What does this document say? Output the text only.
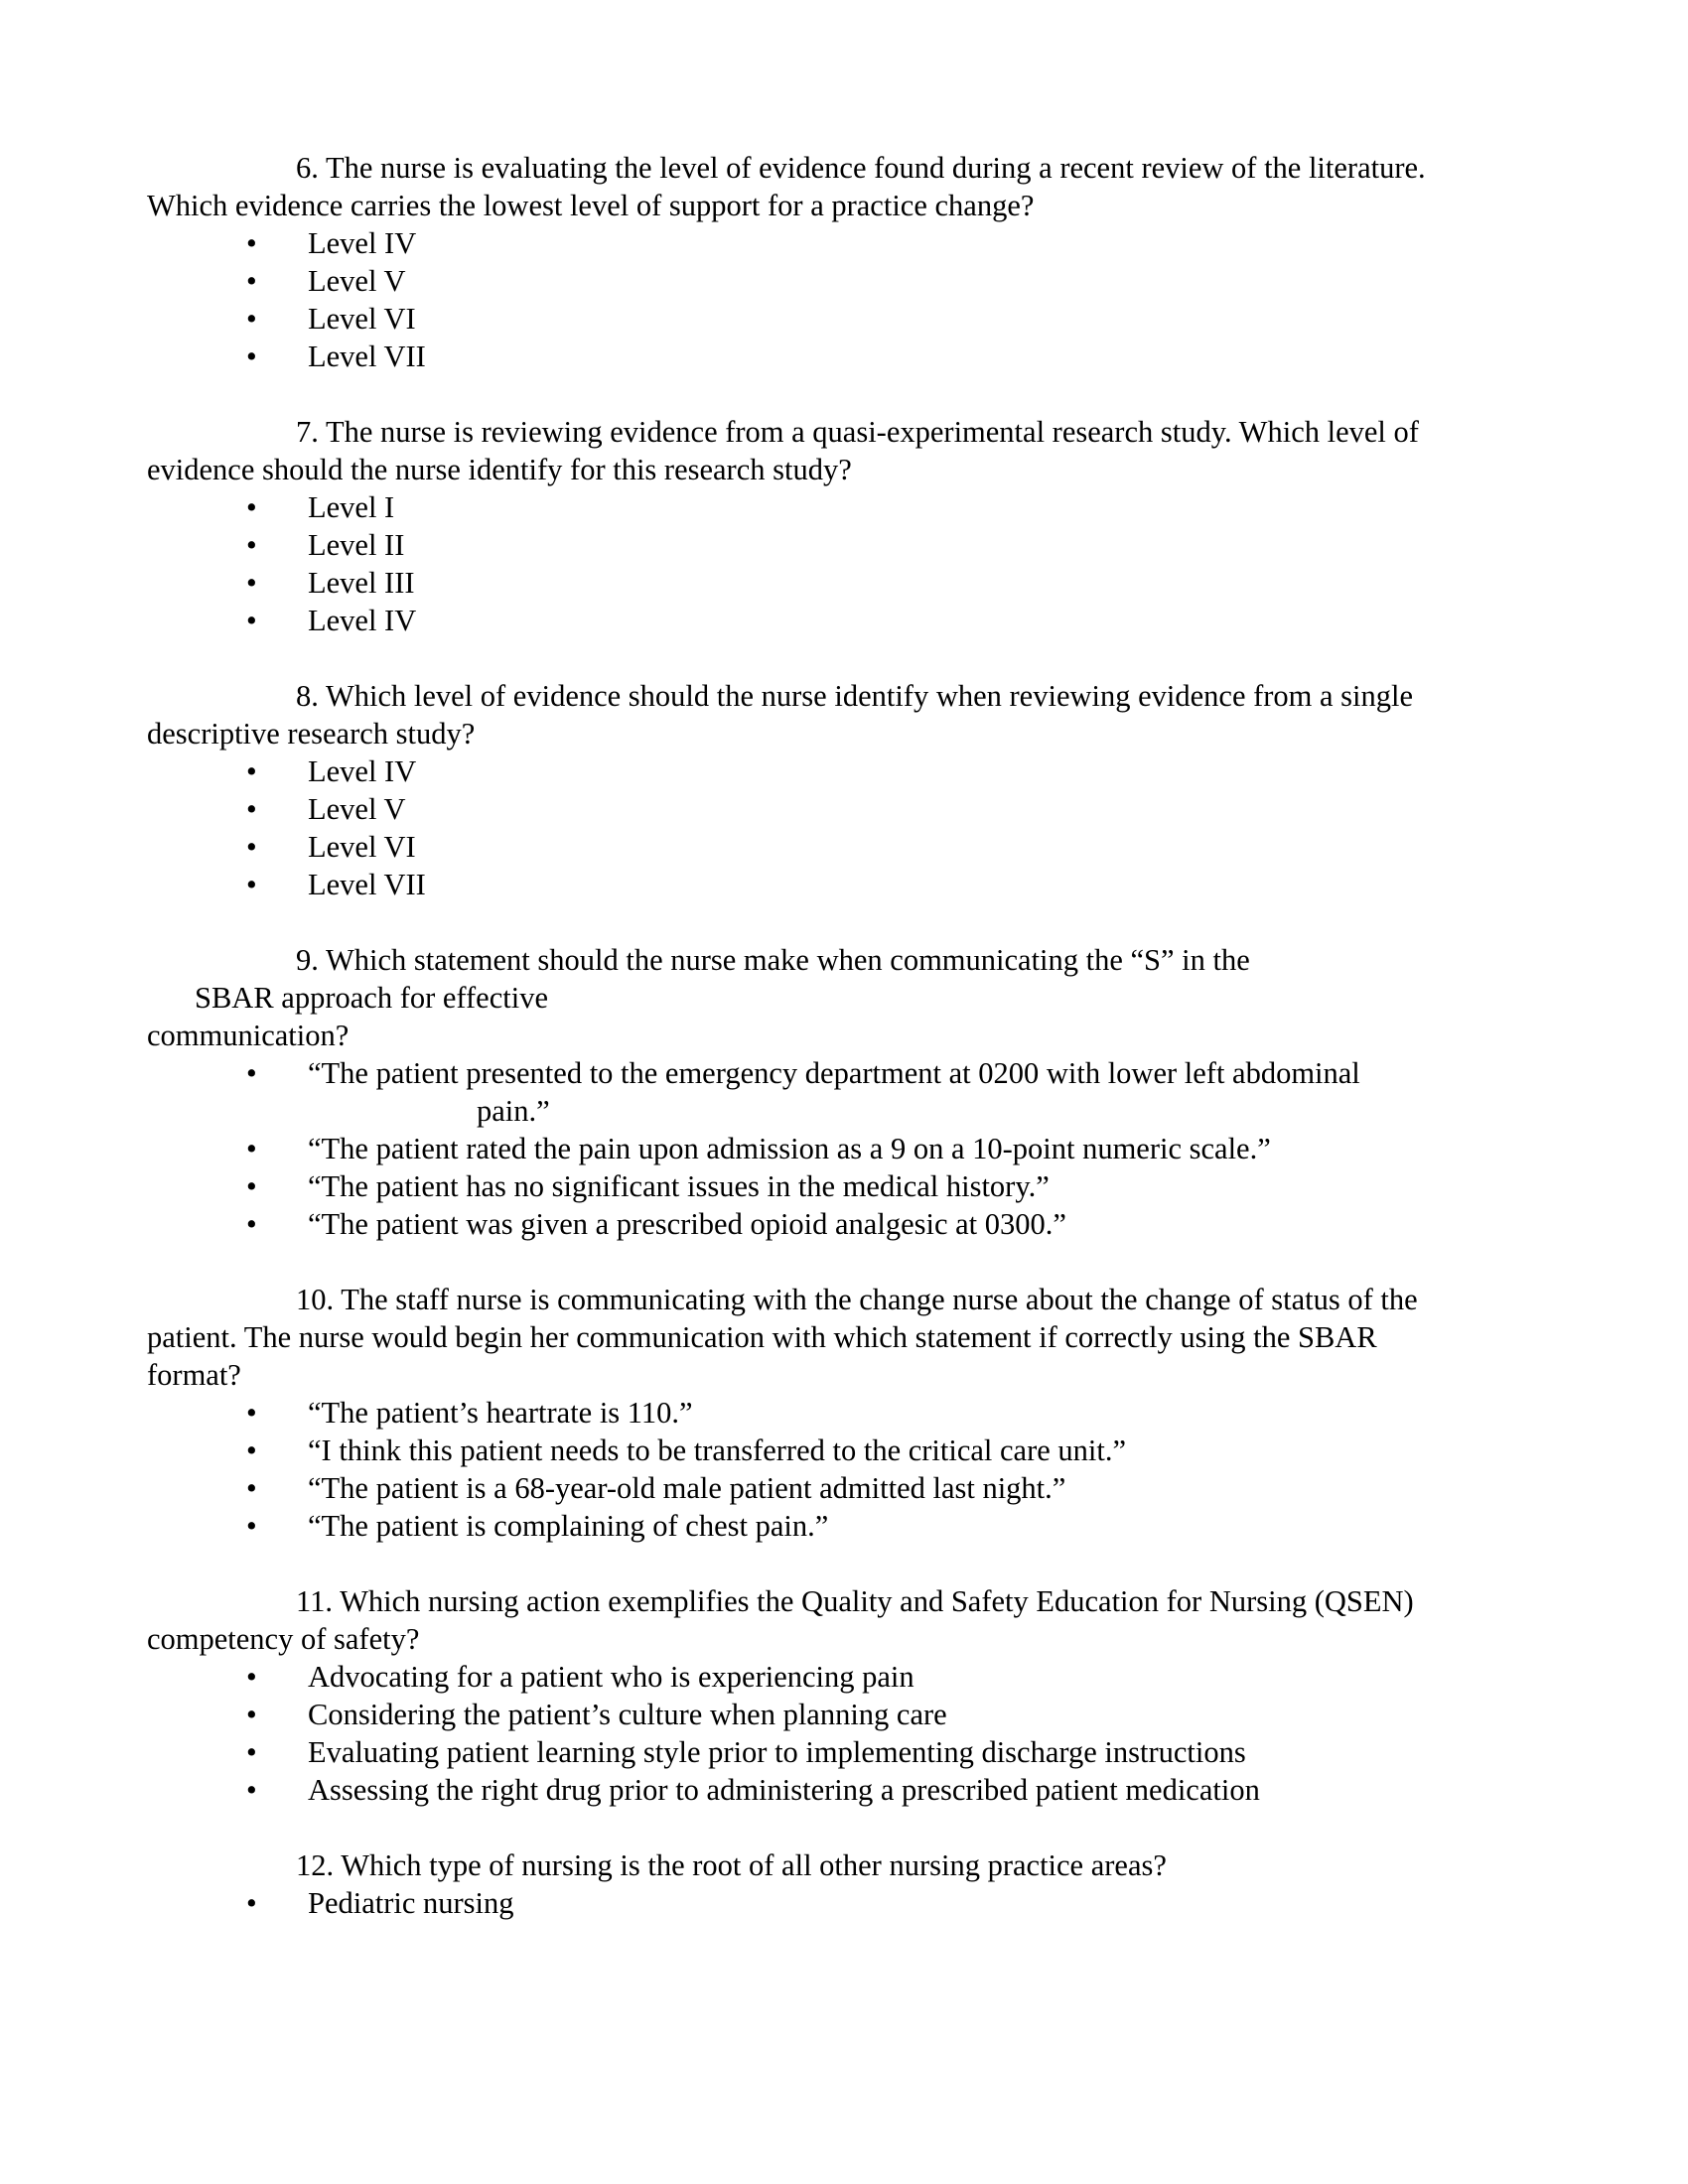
6. The nurse is evaluating the level of evidence found during a recent review of the literature. Which evidence carries the lowest level of support for a practice change?

• Level IV
• Level V
• Level VI
• Level VII

7. The nurse is reviewing evidence from a quasi-experimental research study. Which level of evidence should the nurse identify for this research study?

• Level I
• Level II
• Level III
• Level IV

8. Which level of evidence should the nurse identify when reviewing evidence from a single descriptive research study?

• Level IV
• Level V
• Level VI
• Level VII

9. Which statement should the nurse make when communicating the “S” in the
SBAR approach for effective
communication?

• “The patient presented to the emergency department at 0200 with lower left abdominal
pain.”
• “The patient rated the pain upon admission as a 9 on a 10-point numeric scale.”
• “The patient has no significant issues in the medical history.”
• “The patient was given a prescribed opioid analgesic at 0300.”

10. The staff nurse is communicating with the change nurse about the change of status of the patient. The nurse would begin her communication with which statement if correctly using the SBAR format?

• “The patient’s heartrate is 110.”
• “I think this patient needs to be transferred to the critical care unit.”
• “The patient is a 68-year-old male patient admitted last night.”
• “The patient is complaining of chest pain.”

11. Which nursing action exemplifies the Quality and Safety Education for Nursing (QSEN) competency of safety?

• Advocating for a patient who is experiencing pain
• Considering the patient’s culture when planning care
• Evaluating patient learning style prior to implementing discharge instructions
• Assessing the right drug prior to administering a prescribed patient medication

12. Which type of nursing is the root of all other nursing practice areas?

• Pediatric nursing
